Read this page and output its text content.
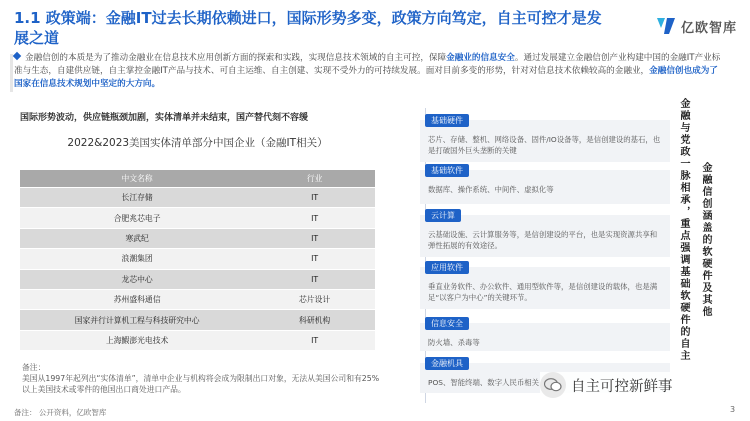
1.1 政策端：金融IT过去长期依赖进口，国际形势多变，政策方向笃定，自主可控才是发展之道
亿欧智库
金融信创的本质是为了推动金融业在信息技术应用创新方面的探索和实践，实现信息技术领域的自主可控，保障金融业的信息安全。通过发展建立金融信创产业构建中国的金融IT产业标准与生态，自建供应链，自主掌控金融IT产品与技术、可自主运维、自主创建、实现不受外力的可持续发展。面对目前多变的形势，针对对信息技术依赖较高的金融业，金融信创也成为了国家在信息技术规划中坚定的大方向。
国际形势波动，供应链瓶颈加剧，实体清单并未结束，国产替代刻不容缓
2022&2023美国实体清单部分中国企业（金融IT相关）
中文名称	行业
长江存储	IT
合肥兆芯电子	IT
寒武纪	IT
浪潮集团	IT
龙芯中心	IT
苏州盛科通信	芯片设计
国家并行计算机工程与科技研究中心	科研机构
上海鰕澎光电技术	IT
备注：
美国从1997年起列出“实体清单”，清单中企业与机构将会成为限制出口对象，无法从美国公司和有25%以上美国技术或零件的他国出口商处进口产品。
基础硬件
芯片、存储、整机、网络设备、固件/IO设备等，是信创建设的基石，也是打破国外巨头垄断的关键
基础软件
数据库、操作系统、中间件、虚拟化等
云计算
云基础设施、云计算服务等，是信创建设的平台，也是实现资源共享和弹性拓展的有效途径。
应用软件
垂直业务软件、办公软件、通用型软件等，是信创建设的载体，也是满足“以客户为中心”的关键环节。
信息安全
防火墙、杀毒等
金融机具
POS、智能终端、数字人民币相关
金融与党政一脉相承，重点强调基础软硬件的自主 金融信创涵盖的软硬件及其他
自主可控新鲜事
备注： 公开资料，亿欧智库	3
